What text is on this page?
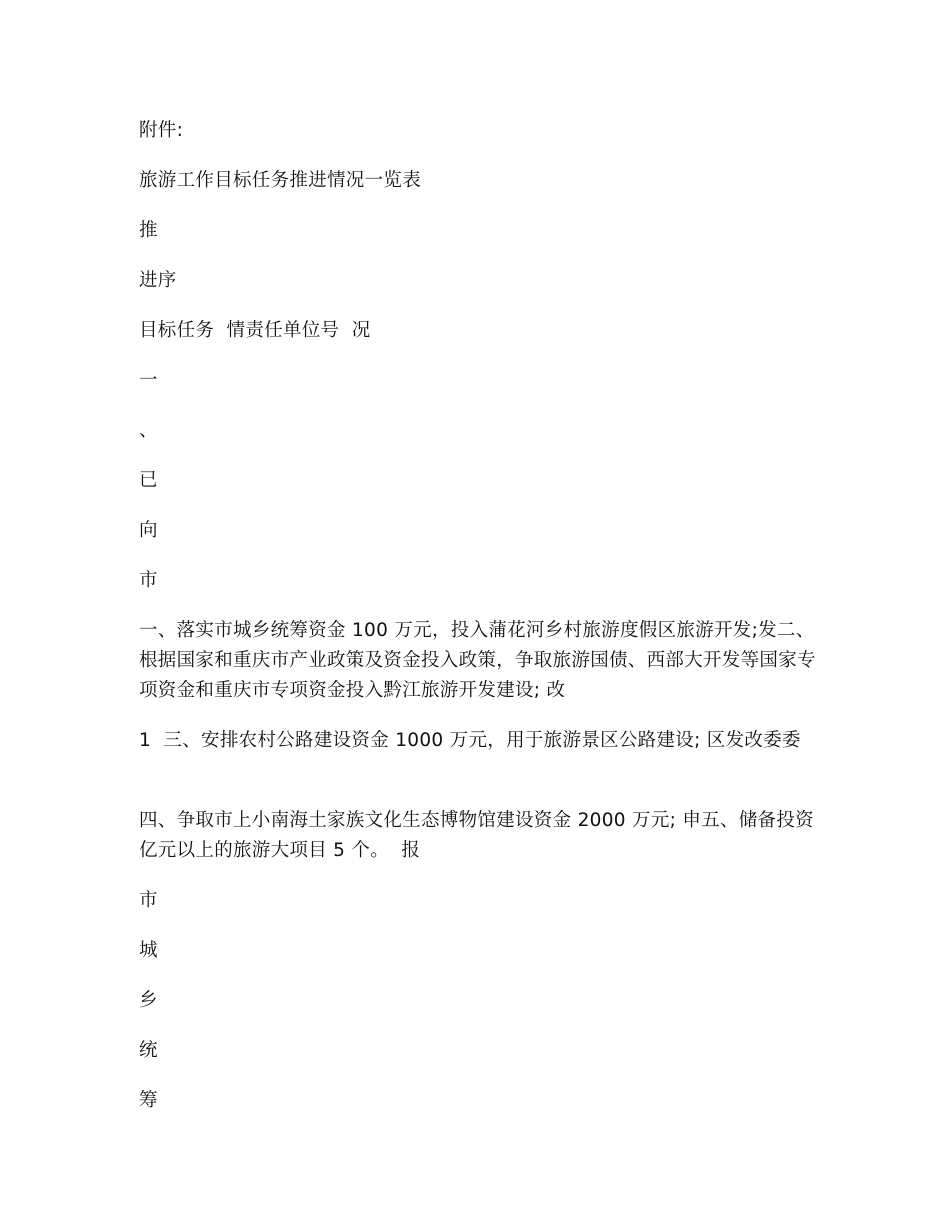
附件:
旅游工作目标任务推进情况一览表
推
进序
目标任务  情责任单位号  况
一
、
已
向
市
一、落实市城乡统筹资金 100 万元，投入蒲花河乡村旅游度假区旅游开发;发二、根据国家和重庆市产业政策及资金投入政策，争取旅游国债、西部大开发等国家专项资金和重庆市专项资金投入黔江旅游开发建设; 改
1  三、安排农村公路建设资金 1000 万元，用于旅游景区公路建设; 区发改委委
四、争取市上小南海土家族文化生态博物馆建设资金 2000 万元; 申五、储备投资亿元以上的旅游大项目 5 个。  报
市
城
乡
统
筹
